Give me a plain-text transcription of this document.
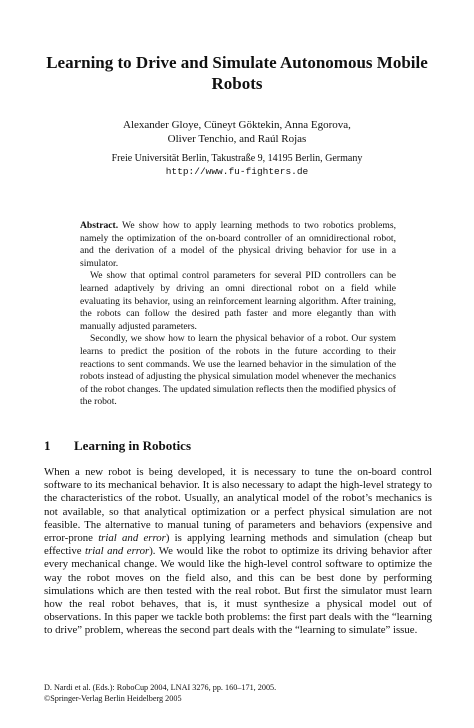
Learning to Drive and Simulate Autonomous Mobile Robots
Alexander Gloye, Cüneyt Göktekin, Anna Egorova,
Oliver Tenchio, and Raúl Rojas
Freie Universität Berlin, Takustraße 9, 14195 Berlin, Germany
http://www.fu-fighters.de

Abstract. We show how to apply learning methods to two robotics problems, namely the optimization of the on-board controller of an omnidirectional robot, and the derivation of a model of the physical driving behavior for use in a simulator.

We show that optimal control parameters for several PID controllers can be learned adaptively by driving an omni directional robot on a field while evaluating its behavior, using an reinforcement learning algorithm. After training, the robots can follow the desired path faster and more elegantly than with manually adjusted parameters.

Secondly, we show how to learn the physical behavior of a robot. Our system learns to predict the position of the robots in the future according to their reactions to sent commands. We use the learned behavior in the simulation of the robots instead of adjusting the physical simulation model whenever the mechanics of the robot changes. The updated simulation reflects then the modified physics of the robot.

1 Learning in Robotics

When a new robot is being developed, it is necessary to tune the on-board control software to its mechanical behavior. It is also necessary to adapt the high-level strategy to the characteristics of the robot. Usually, an analytical model of the robot’s mechanics is not available, so that analytical optimization or a perfect physical simulation are not feasible. The alternative to manual tuning of parameters and behaviors (expensive and error-prone trial and error) is applying learning methods and simulation (cheap but effective trial and error). We would like the robot to optimize its driving behavior after every mechanical change. We would like the high-level control software to optimize the way the robot moves on the field also, and this can be best done by performing simulations which are then tested with the real robot. But first the simulator must learn how the real robot behaves, that is, it must synthesize a physical model out of observations. In this paper we tackle both problems: the first part deals with the “learning to drive” problem, whereas the second part deals with the “learning to simulate” issue.

D. Nardi et al. (Eds.): RoboCup 2004, LNAI 3276, pp. 160–171, 2005.
©Springer-Verlag Berlin Heidelberg 2005
